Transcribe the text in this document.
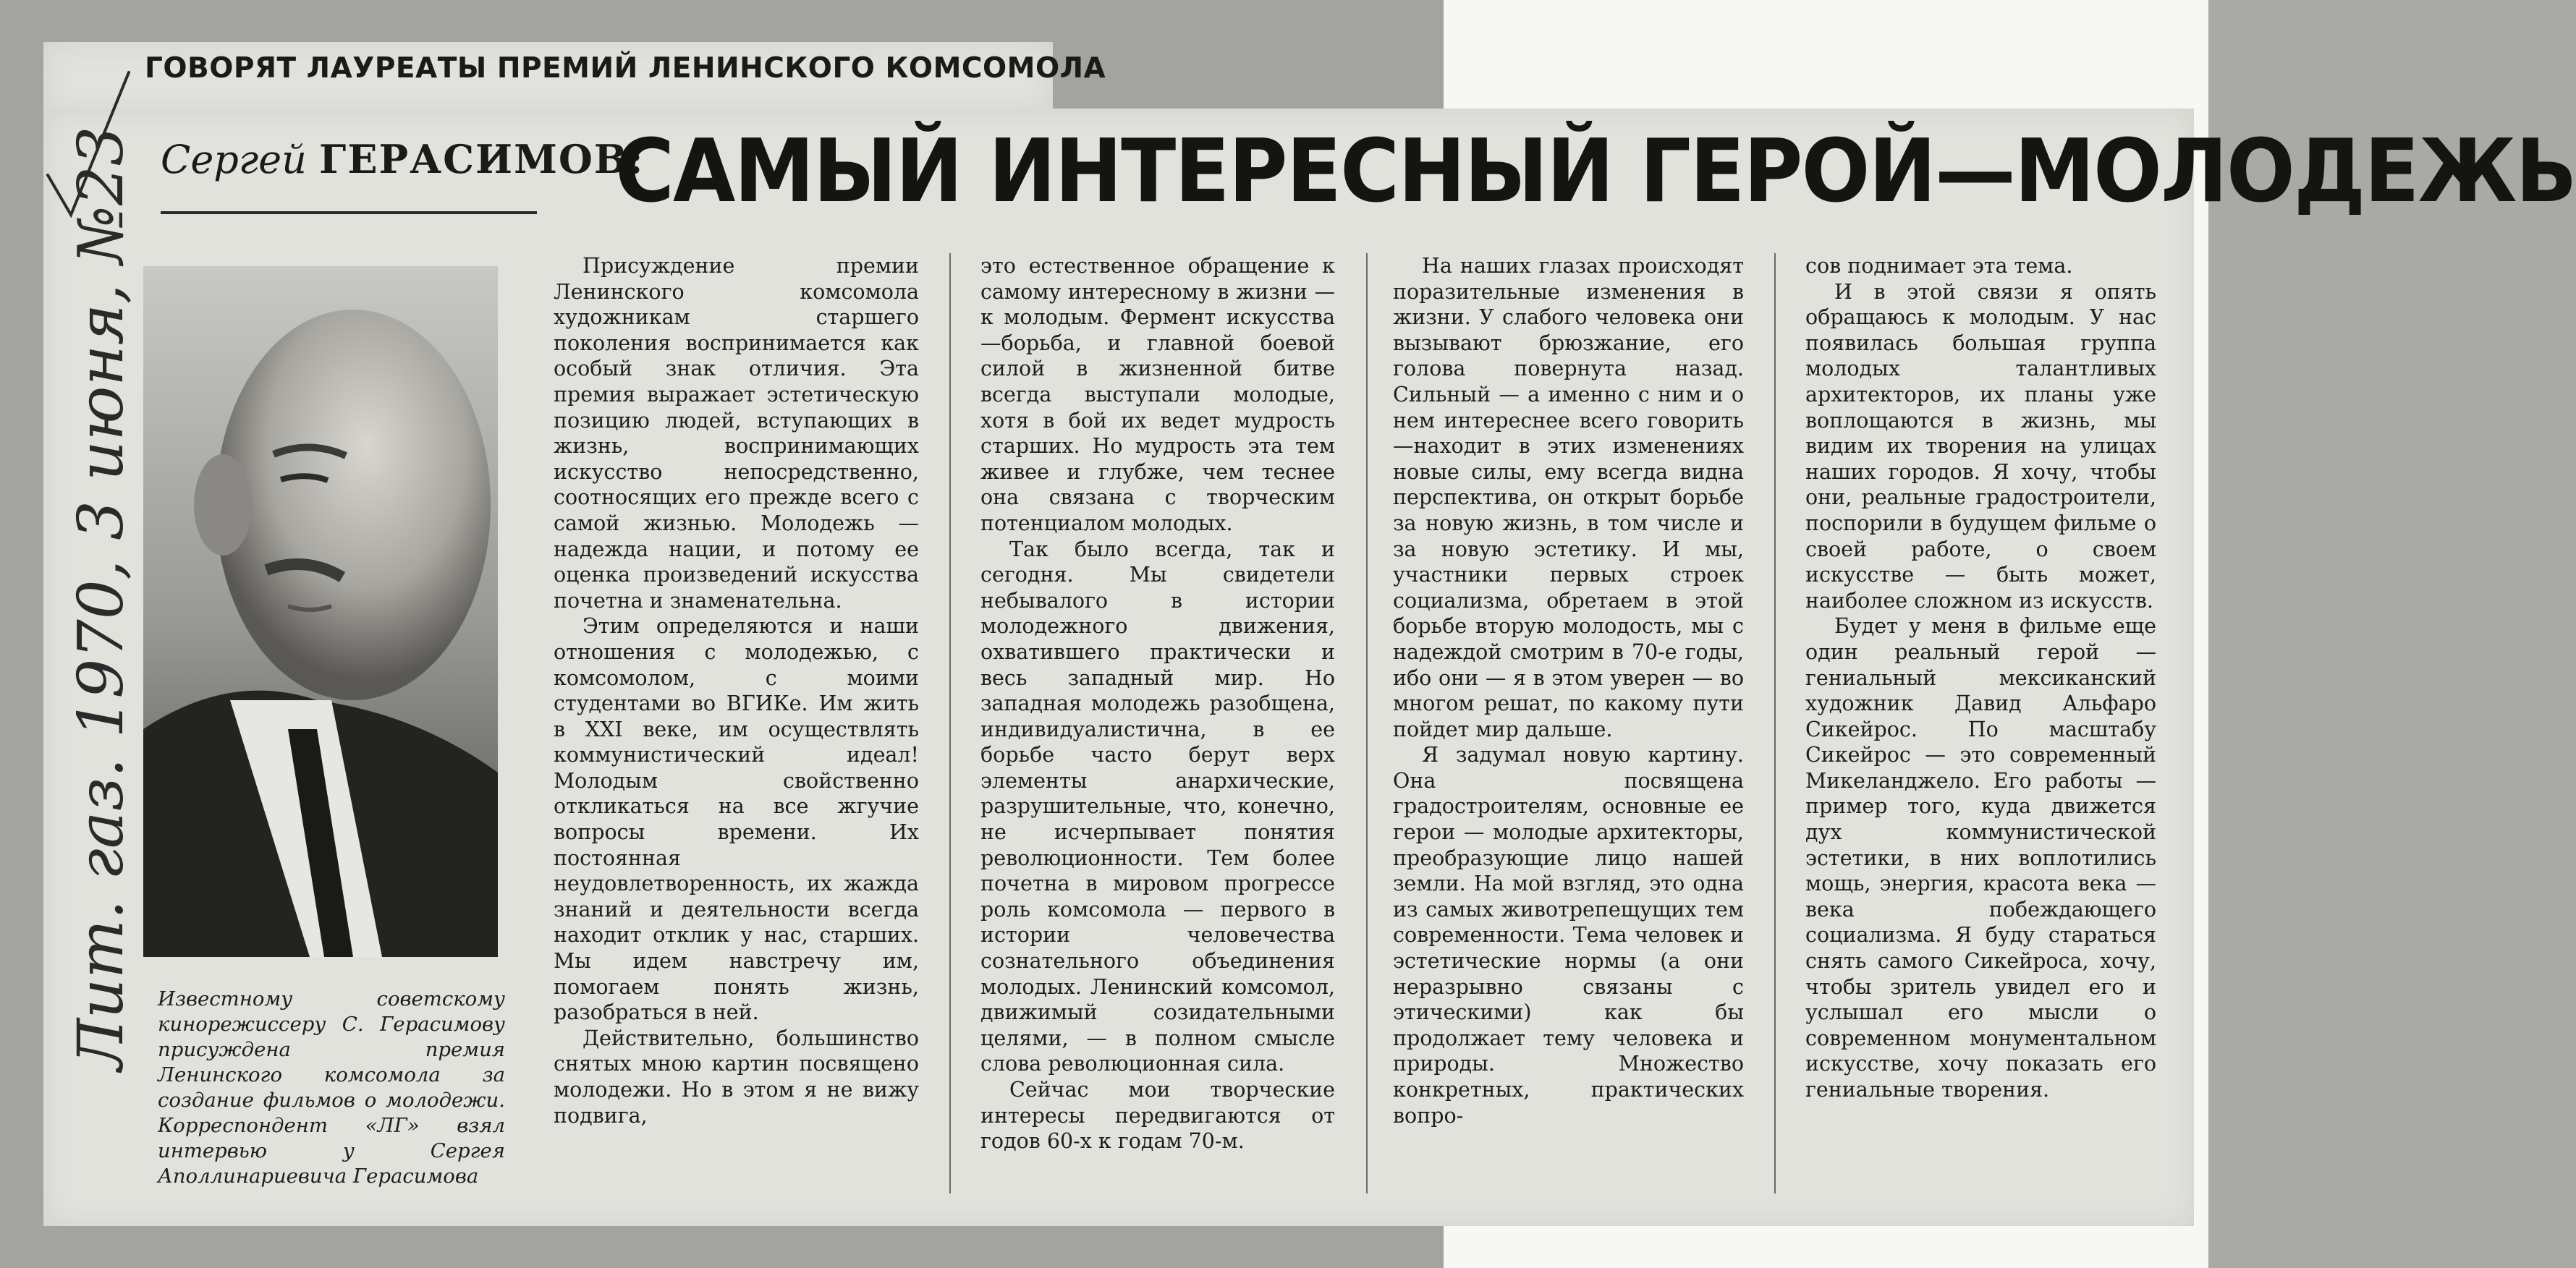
ГОВОРЯТ ЛАУРЕАТЫ ПРЕМИЙ ЛЕНИНСКОГО КОМСОМОЛА
Сергей ГЕРАСИМОВ:
САМЫЙ ИНТЕРЕСНЫЙ ГЕРОЙ—МОЛОДЕЖЬ
Известному советскому кинорежиссеру С. Герасимову присуждена премия Ленинского комсомола за создание фильмов о молодежи. Корреспондент «ЛГ» взял интервью у Сергея Аполлинариевича Герасимова

Присуждение премии Ленинского комсомола художникам старшего поколения воспринимается как особый знак отличия. Эта премия выражает эстетическую позицию людей, вступающих в жизнь, воспринимающих искусство непосредственно, соотносящих его прежде всего с самой жизнью. Молодежь — надежда нации, и потому ее оценка произведений искусства почетна и знаменательна.

Этим определяются и наши отношения с молодежью, с комсомолом, с моими студентами во ВГИКе. Им жить в XXI веке, им осуществлять коммунистический идеал! Молодым свойственно откликаться на все жгучие вопросы времени. Их постоянная неудовлетворенность, их жажда знаний и деятельности всегда находит отклик у нас, старших. Мы идем навстречу им, помогаем понять жизнь, разобраться в ней.

Действительно, большинство снятых мною картин посвящено молодежи. Но в этом я не вижу подвига,

это естественное обращение к самому интересному в жизни — к молодым. Фермент искусства—борьба, и главной боевой силой в жизненной битве всегда выступали молодые, хотя в бой их ведет мудрость старших. Но мудрость эта тем живее и глубже, чем теснее она связана с творческим потенциалом молодых.

Так было всегда, так и сегодня. Мы свидетели небывалого в истории молодежного движения, охватившего практически и весь западный мир. Но западная молодежь разобщена, индивидуалистична, в ее борьбе часто берут верх элементы анархические, разрушительные, что, конечно, не исчерпывает понятия революционности. Тем более почетна в мировом прогрессе роль комсомола — первого в истории человечества сознательного объединения молодых. Ленинский комсомол, движимый созидательными целями, — в полном смысле слова революционная сила.

Сейчас мои творческие интересы передвигаются от годов 60-х к годам 70-м.

На наших глазах происходят поразительные изменения в жизни. У слабого человека они вызывают брюзжание, его голова повернута назад. Сильный — а именно с ним и о нем интереснее всего говорить—находит в этих изменениях новые силы, ему всегда видна перспектива, он открыт борьбе за новую жизнь, в том числе и за новую эстетику. И мы, участники первых строек социализма, обретаем в этой борьбе вторую молодость, мы с надеждой смотрим в 70-е годы, ибо они — я в этом уверен — во многом решат, по какому пути пойдет мир дальше.

Я задумал новую картину. Она посвящена градостроителям, основные ее герои — молодые архитекторы, преобразующие лицо нашей земли. На мой взгляд, это одна из самых животрепещущих тем современности. Тема человек и эстетические нормы (а они неразрывно связаны с этическими) как бы продолжает тему человека и природы. Множество конкретных, практических вопро-

сов поднимает эта тема.

И в этой связи я опять обращаюсь к молодым. У нас появилась большая группа молодых талантливых архитекторов, их планы уже воплощаются в жизнь, мы видим их творения на улицах наших городов. Я хочу, чтобы они, реальные градостроители, поспорили в будущем фильме о своей работе, о своем искусстве — быть может, наиболее сложном из искусств.

Будет у меня в фильме еще один реальный герой — гениальный мексиканский художник Давид Альфаро Сикейрос. По масштабу Сикейрос — это современный Микеланджело. Его работы — пример того, куда движется дух коммунистической эстетики, в них воплотились мощь, энергия, красота века — века побеждающего социализма. Я буду стараться снять самого Сикейроса, хочу, чтобы зритель увидел его и услышал его мысли о современном монументальном искусстве, хочу показать его гениальные творения.

Лит. газ. 1970, 3 июня, №23
